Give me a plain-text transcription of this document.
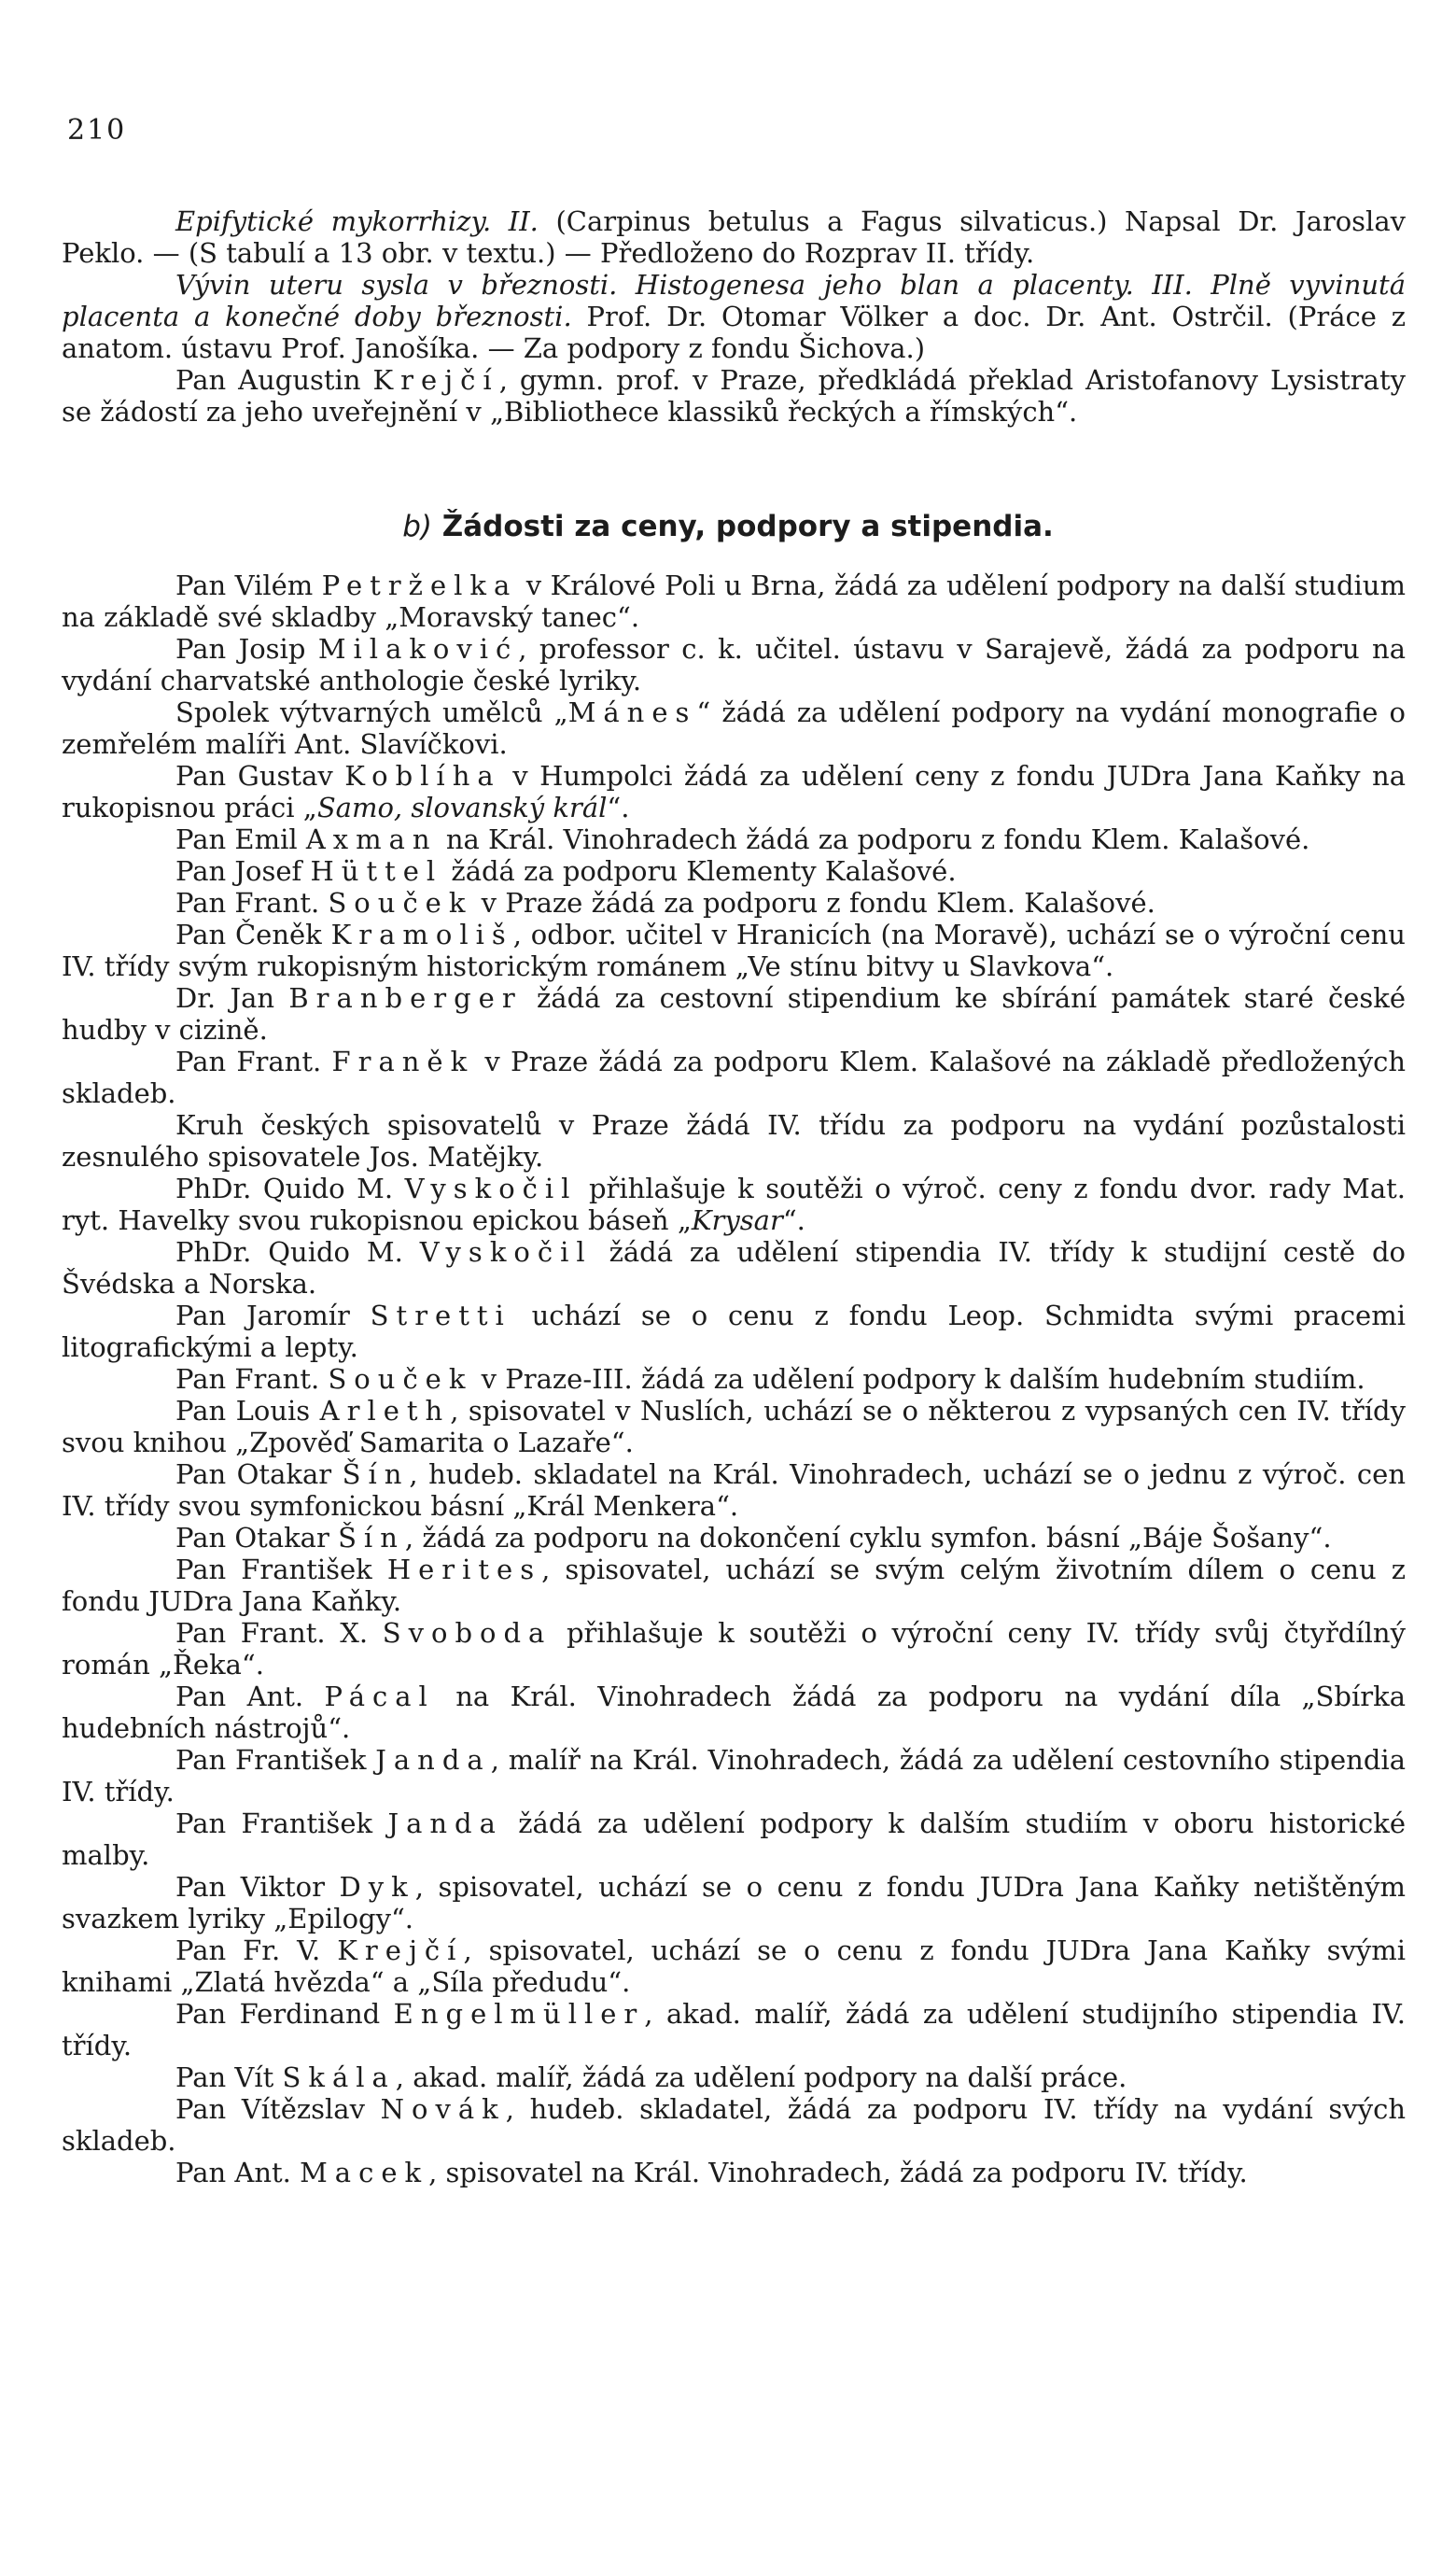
210

Epifytické mykorrhizy. II. (Carpinus betulus a Fagus silvaticus.) Napsal Dr. Jaroslav Peklo. — (S tabulí a 13 obr. v textu.) — Předloženo do Rozprav II. třídy.

Vývin uteru sysla v březnosti. Histogenesa jeho blan a placenty. III. Plně vyvinutá placenta a konečné doby březnosti. Prof. Dr. Otomar Völker a doc. Dr. Ant. Ostrčil. (Práce z anatom. ústavu Prof. Janošíka. — Za podpory z fondu Šichova.)

Pan Augustin Krejčí, gymn. prof. v Praze, předkládá překlad Aristofanovy Lysistraty se žádostí za jeho uveřejnění v „Bibliothece klassiků řeckých a římských“.

b) Žádosti za ceny, podpory a stipendia.

Pan Vilém Petrželka v Králové Poli u Brna, žádá za udělení podpory na další studium na základě své skladby „Moravský tanec“.

Pan Josip Milaković, professor c. k. učitel. ústavu v Sarajevě, žádá za podporu na vydání charvatské anthologie české lyriky.

Spolek výtvarných umělců „Mánes“ žádá za udělení podpory na vydání monografie o zemřelém malíři Ant. Slavíčkovi.

Pan Gustav Koblíha v Humpolci žádá za udělení ceny z fondu JUDra Jana Kaňky na rukopisnou práci „Samo, slovanský král“.

Pan Emil Axman na Král. Vinohradech žádá za podporu z fondu Klem. Kalašové.

Pan Josef Hüttel žádá za podporu Klementy Kalašové.

Pan Frant. Souček v Praze žádá za podporu z fondu Klem. Kalašové.

Pan Čeněk Kramoliš, odbor. učitel v Hranicích (na Moravě), uchází se o výroční cenu IV. třídy svým rukopisným historickým románem „Ve stínu bitvy u Slavkova“.

Dr. Jan Branberger žádá za cestovní stipendium ke sbírání památek staré české hudby v cizině.

Pan Frant. Franěk v Praze žádá za podporu Klem. Kalašové na základě předložených skladeb.

Kruh českých spisovatelů v Praze žádá IV. třídu za podporu na vydání pozůstalosti zesnulého spisovatele Jos. Matějky.

PhDr. Quido M. Vyskočil přihlašuje k soutěži o výroč. ceny z fondu dvor. rady Mat. ryt. Havelky svou rukopisnou epickou báseň „Krysar“.

PhDr. Quido M. Vyskočil žádá za udělení stipendia IV. třídy k studijní cestě do Švédska a Norska.

Pan Jaromír Stretti uchází se o cenu z fondu Leop. Schmidta svými pracemi litografickými a lepty.

Pan Frant. Souček v Praze-III. žádá za udělení podpory k dalším hudebním studiím.

Pan Louis Arleth, spisovatel v Nuslích, uchází se o některou z vypsaných cen IV. třídy svou knihou „Zpověď Samarita o Lazaře“.

Pan Otakar Šín, hudeb. skladatel na Král. Vinohradech, uchází se o jednu z výroč. cen IV. třídy svou symfonickou básní „Král Menkera“.

Pan Otakar Šín, žádá za podporu na dokončení cyklu symfon. básní „Báje Šošany“.

Pan František Herites, spisovatel, uchází se svým celým životním dílem o cenu z fondu JUDra Jana Kaňky.

Pan Frant. X. Svoboda přihlašuje k soutěži o výroční ceny IV. třídy svůj čtyřdílný román „Řeka“.

Pan Ant. Pácal na Král. Vinohradech žádá za podporu na vydání díla „Sbírka hudebních nástrojů“.

Pan František Janda, malíř na Král. Vinohradech, žádá za udělení cestovního stipendia IV. třídy.

Pan František Janda žádá za udělení podpory k dalším studiím v oboru historické malby.

Pan Viktor Dyk, spisovatel, uchází se o cenu z fondu JUDra Jana Kaňky netištěným svazkem lyriky „Epilogy“.

Pan Fr. V. Krejčí, spisovatel, uchází se o cenu z fondu JUDra Jana Kaňky svými knihami „Zlatá hvězda“ a „Síla předudu“.

Pan Ferdinand Engelmüller, akad. malíř, žádá za udělení studijního stipendia IV. třídy.

Pan Vít Skála, akad. malíř, žádá za udělení podpory na další práce.

Pan Vítězslav Novák, hudeb. skladatel, žádá za podporu IV. třídy na vydání svých skladeb.

Pan Ant. Macek, spisovatel na Král. Vinohradech, žádá za podporu IV. třídy.
